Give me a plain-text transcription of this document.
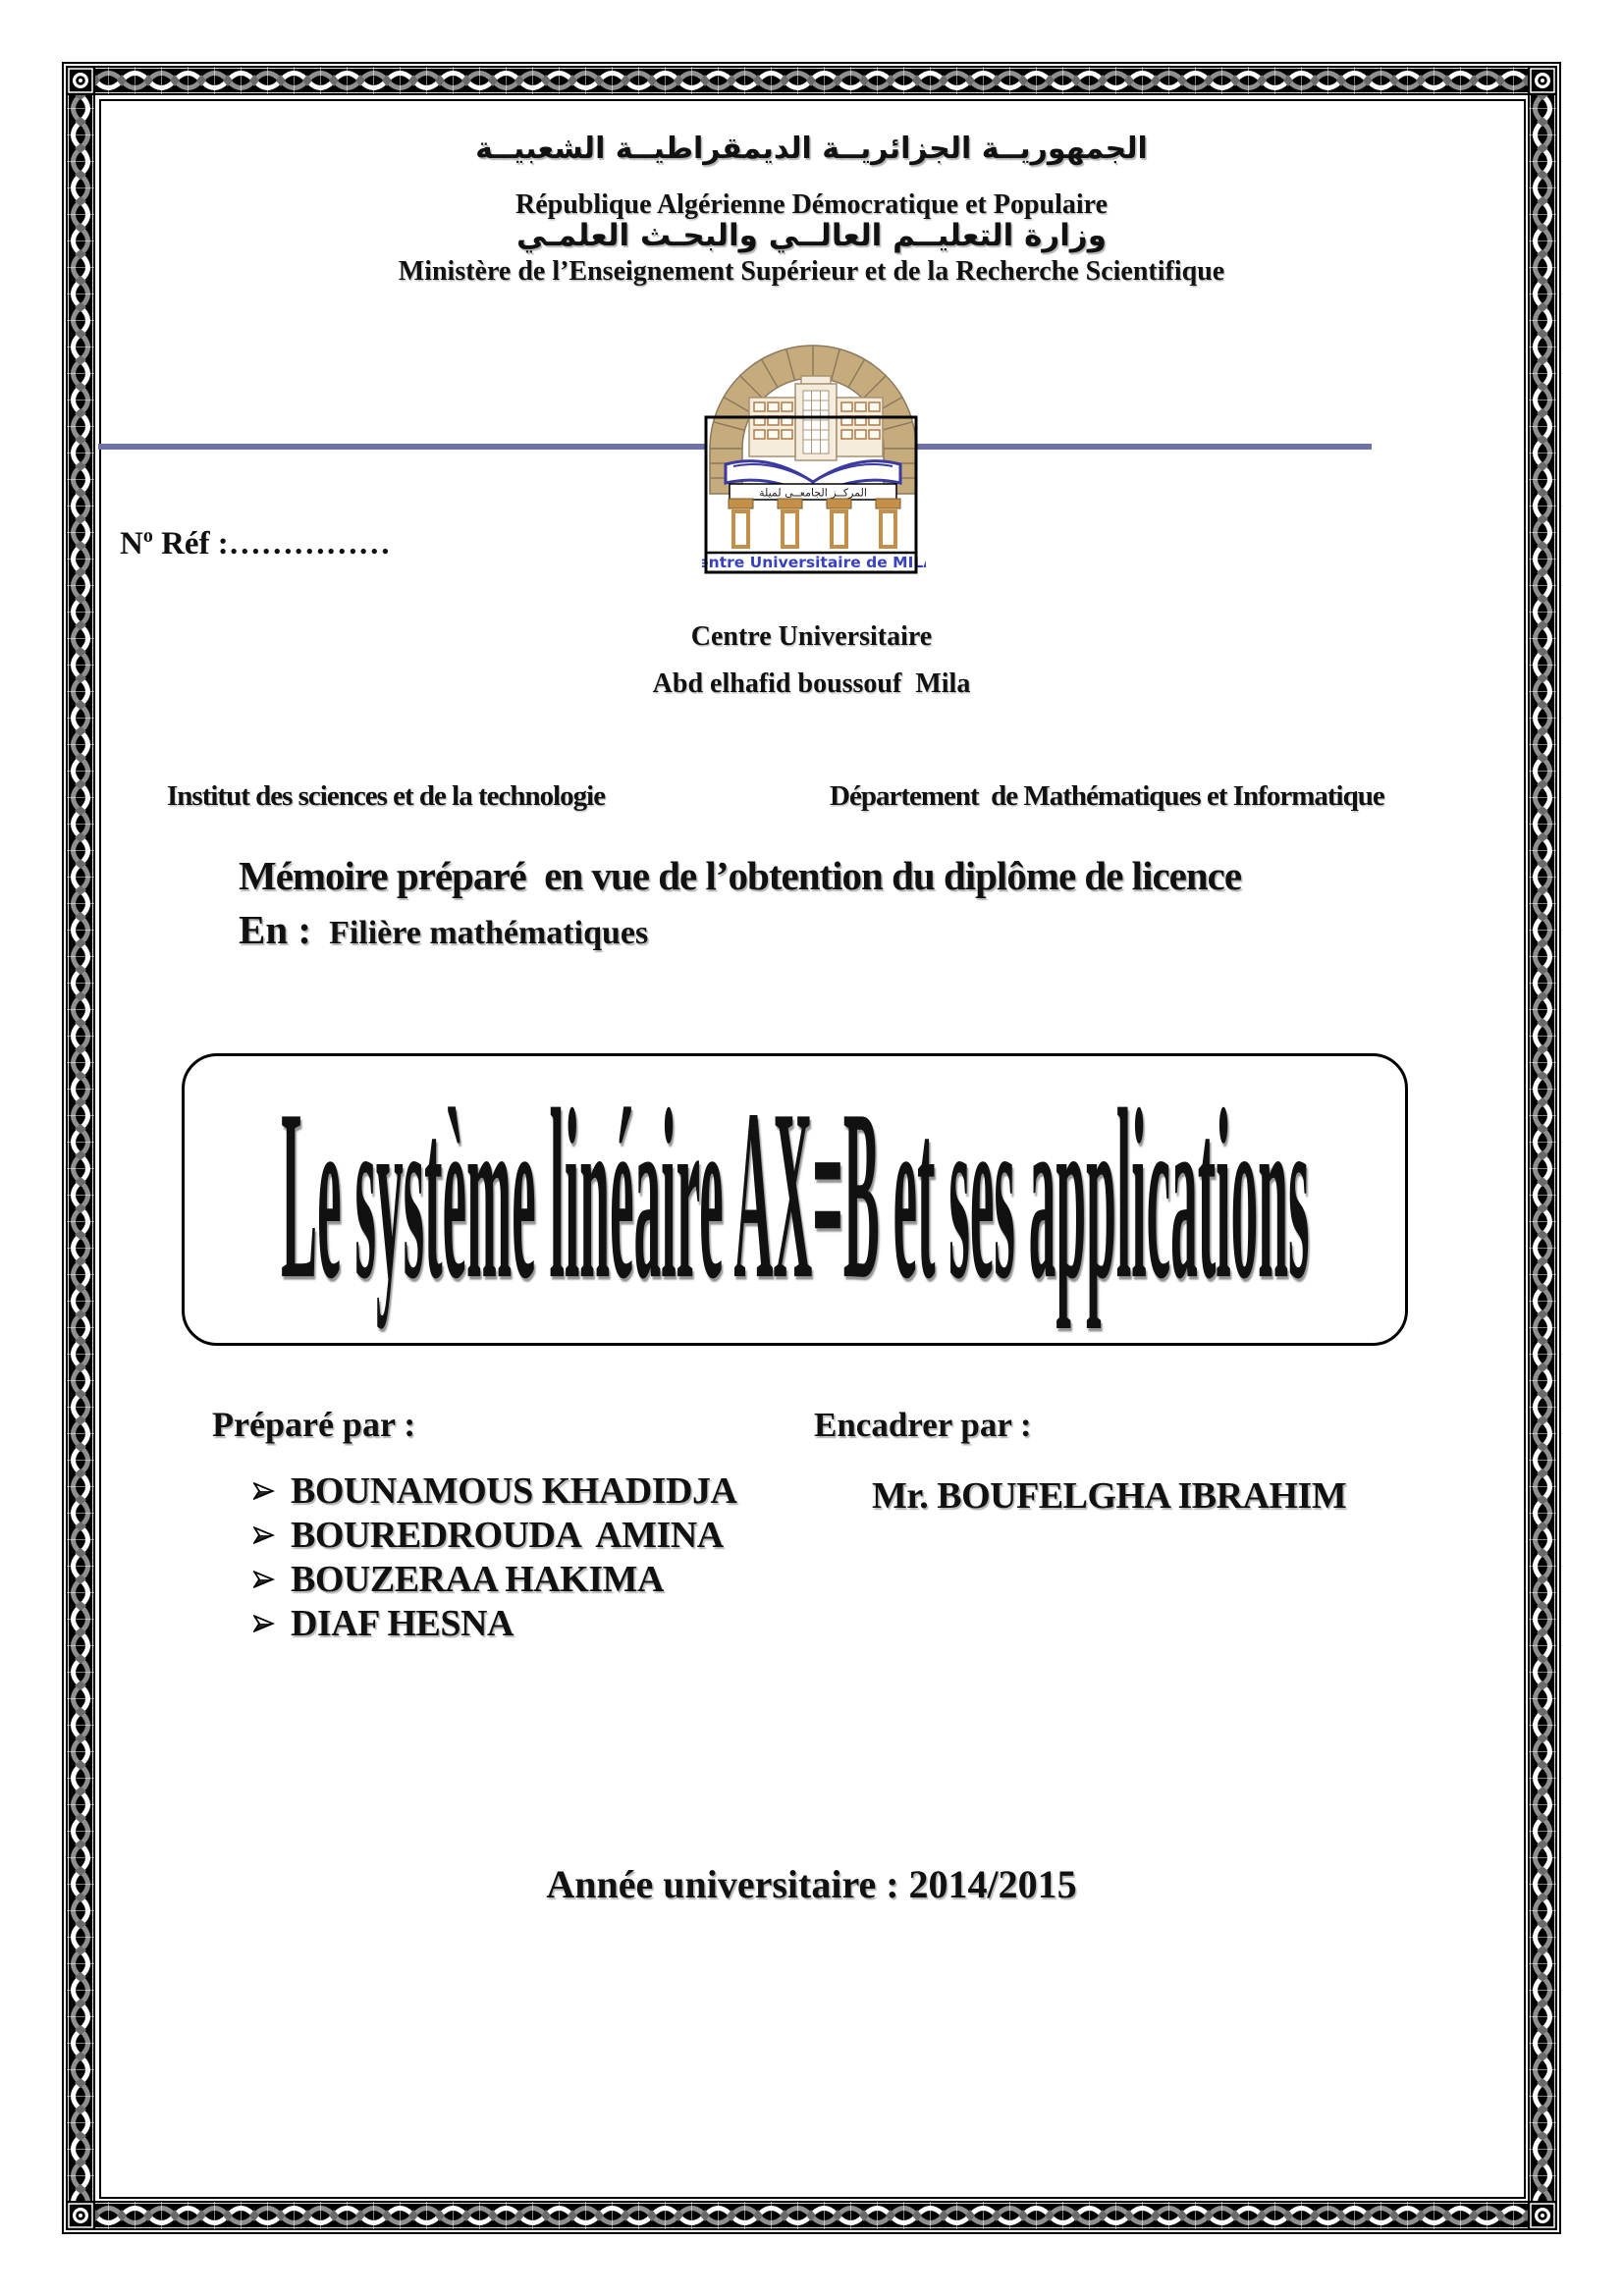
الجمهوريــة الجزائريــة الديمقراطيــة الشعبيــة
République Algérienne Démocratique et Populaire
وزارة التعليــم العالــي والبحـث العلمـي
Ministère de l’Enseignement Supérieur et de la Recherche Scientifique
المركــز الجامعــي لميلة
Centre Universitaire de MILA
$N^o$ Réf :……………
Centre Universitaire
Abd elhafid boussouf  Mila
Institut des sciences et de la technologie	Département  de Mathématiques et Informatique
Mémoire préparé  en vue de l’obtention du diplôme de licence
En : Filière mathématiques
Le système linéaire AX=B et ses applications
Préparé par :	Encadrer par :
BOUNAMOUS KHADIDJA
BOUREDROUDA  AMINA
BOUZERAA HAKIMA
DIAF HESNA
Mr. BOUFELGHA IBRAHIM
Année universitaire : 2014/2015
